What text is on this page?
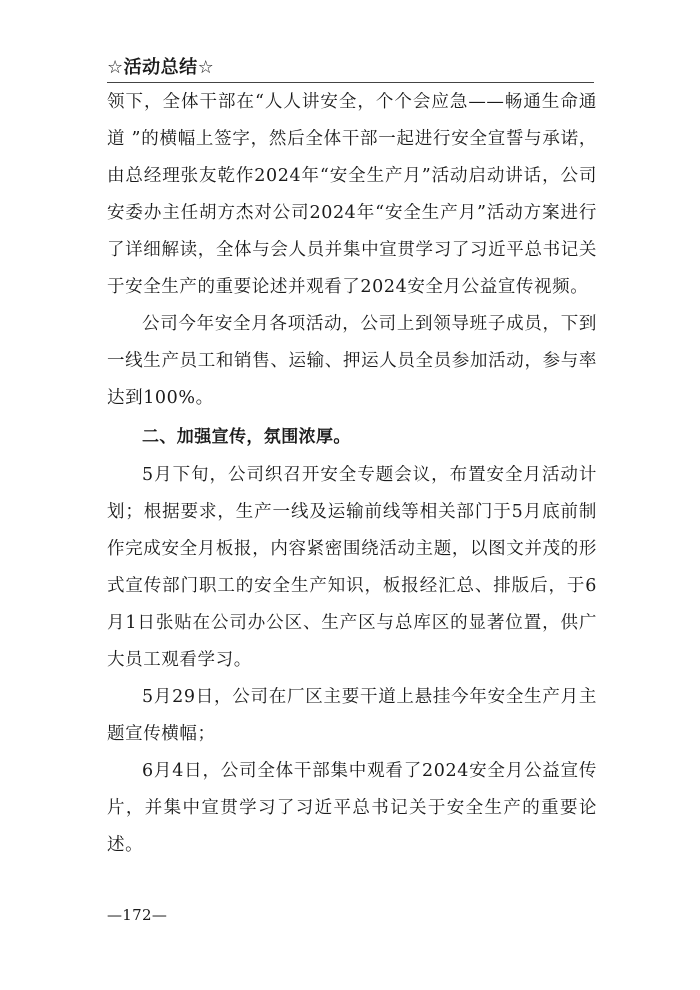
☆活动总结☆

领下，全体干部在“人人讲安全，个个会应急——畅通生命通道 ”的横幅上签字，然后全体干部一起进行安全宣誓与承诺，由总经理张友乾作2024年“安全生产月”活动启动讲话，公司安委办主任胡方杰对公司2024年“安全生产月”活动方案进行了详细解读，全体与会人员并集中宣贯学习了习近平总书记关于安全生产的重要论述并观看了2024安全月公益宣传视频。

公司今年安全月各项活动，公司上到领导班子成员，下到一线生产员工和销售、运输、押运人员全员参加活动，参与率达到100%。

二、加强宣传，氛围浓厚。

5月下旬，公司织召开安全专题会议，布置安全月活动计划；根据要求，生产一线及运输前线等相关部门于5月底前制作完成安全月板报，内容紧密围绕活动主题，以图文并茂的形式宣传部门职工的安全生产知识，板报经汇总、排版后，于6月1日张贴在公司办公区、生产区与总库区的显著位置，供广大员工观看学习。

5月29日，公司在厂区主要干道上悬挂今年安全生产月主题宣传横幅；

6月4日，公司全体干部集中观看了2024安全月公益宣传片，并集中宣贯学习了习近平总书记关于安全生产的重要论述。

—172—
